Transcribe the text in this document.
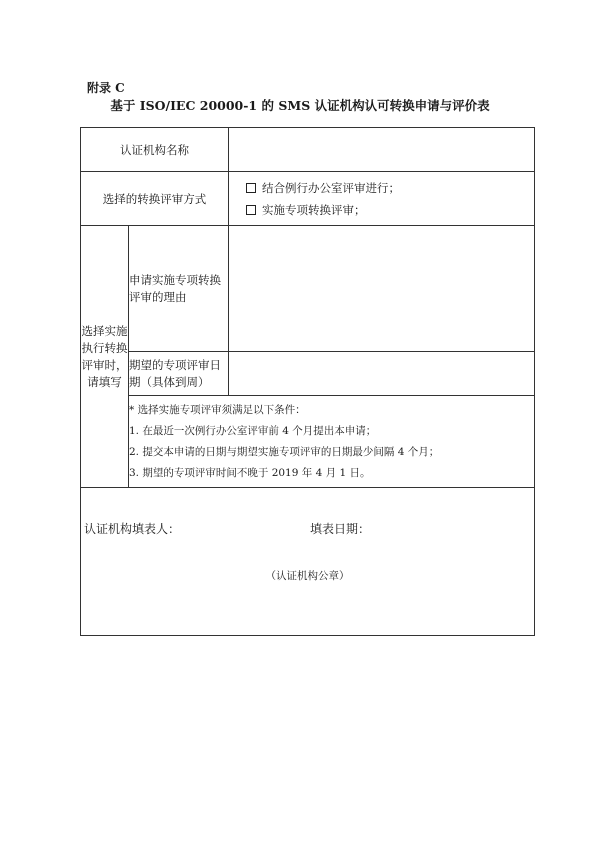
附录 C
基于 ISO/IEC 20000-1 的 SMS 认证机构认可转换申请与评价表
认证机构名称		
选择的转换评审方式		结合例行办公室评审进行；
实施专项转换评审；

选择实施执行转换评审时，请填写	申请实施专项转换评审的理由	
	期望的专项评审日期（具体到周）	

	* 选择实施专项评审须满足以下条件：
1. 在最近一次例行办公室评审前 4 个月提出本申请；
2. 提交本申请的日期与期望实施专项评审的日期最少间隔 4 个月；
3. 期望的专项评审时间不晚于 2019 年 4 月 1 日。	

认证机构填表人： 填表日期：
（认证机构公章）		
